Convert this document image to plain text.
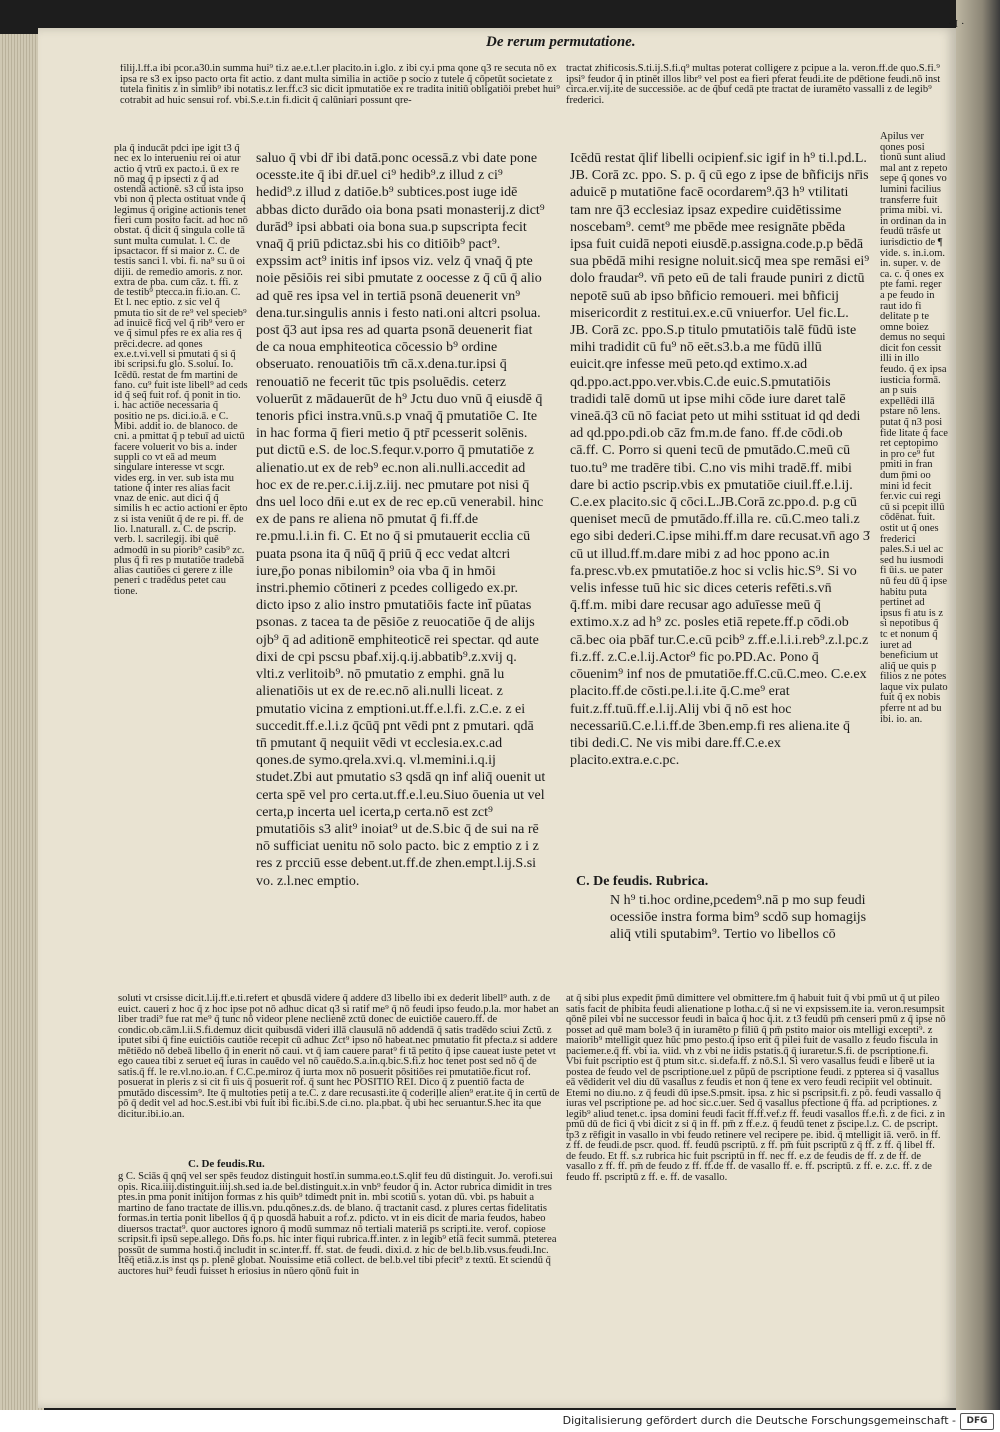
De rerum permutatione.
· I ·
filij.l.ff.a ibi pcor.a30.in summa hui⁹ ti.z ae.e.t.l.er placito.in i.glo. z ibi cy.i pma qone q3 re secuta nō ex ipsa re s3 ex ipso pacto orta fit actio. z dant multa similia in actiōe p socio z tutele q̃ cōpetūt societate z tutela finitis z in simlib⁹ ibi notatis.z ler.ff.c3 sic dicit ipmutatiōe ex re tradita initiū obligatiōi prebet hui⁹ cotrabit ad huic sensui rof. vbi.S.e.t.in fi.dicit q̃ calūniari possunt qre-
tractat̄ zhificosis.S.ti.ij.S.fi.q⁹ multas poterat colligere z pcipue a la. veron.ff.de quo.S.fi.⁹ ipsi⁹ feudor q̃ in ptinēt illos libr⁹ vel post ea fieri pferat feudi.ite de pdētione feudi.nō inst circa.er.vij.ite de successiōe. ac de q̃buf cedā pte tractat de iuramēto vassalli z de legib⁹ frederici.
pla q̄ inducāt pdci ipe igit t3 q̃ nec ex lo interueniu rei oi atur actio q̃ vtrū ex pacto.i. ū ex re nō mag q̃ p ipsecti z q̃ ad ostendā actionē. s3 cū ista ipso vbi non q̃ plecta ostituat vnde q̃ legimus q̃ origine actionis tenet fieri cum posito facit. ad hoc nō obstat. q̃ dicit q̃ singula colle tā sunt multa cumulat. l. C. de ipsactacor. ff si maior z. C. de testis sanci l. vbi. fi. na⁹ su ū oi dijii. de remedio amoris. z nor. extra de pba. cum cāz. t. ffi. z de testib⁹ ptecca.in fi.io.an. C. Et l. nec eptio. z sic vel q̃ pmuta tio sit de re⁹ vel specieb⁹ ad inuicē ficq̃ vel q̃ rib⁹ vero er ve q̃ simul pfes re ex alia res q̃ prēci.decre. ad qones ex.e.t.vi.vell si pmutati q̃ si q̃ ibi scripsi.fu glo. S.solui. Io. Icēdū. restat de fm martini de fano. cu⁹ fuit iste libell⁹ ad ceds id q̃ seq̃ fuit rof. q̃ ponit in tio. i. hac actiōe necessaria q̃ positio ne ps. dici.io.ā. e C. Mibi. addit io. de blanoco. de cni. a pmittat q̃ p tebuī ad uictū facere voluerit vo bis a. inder suppli co vt eā ad meum singulare interesse vt scgr. vides erg. in ver. sub ista mu tatione q̃ inter res alias facit vnaz de enic. aut dici q̃ q̃ similis h ec actio actioni er ēpto z si ista veniūt q̃ de re pi. ff. de lio. l.naturall. z. C. de pscrip. verb. l. sacrilegij. ibi quē admodū in su piorib⁹ casib⁹ zc. plus q̃ fi res p mutatiōe tradebā alias cautiōes ci gerere z ille peneri c tradēdus petet cau tione.
Apilus ver qones posi tionū sunt aliud mal ant z repeto sepe q̃ qones vo lumini facilius transferre fuit prima mibi. vi. in ordinan da in feudū trāsfe ut iurisdictio de ¶ vide. s. in.i.om. in. super. v. de ca. c. q̃ ones ex pte fami. reger a pe feudo in raut ido fi delitate p te omne boiez demus no sequi dicit fon cessit illi in illo feudo. q̃ ex ipsa iusticia formā. an p suis expellēdi illā pstare nō lens. putat q̃ n3 posi fide litate q̃ face ret ceptopimo in pro ce⁹ fut pmiti in fran dum p̄mi oo mini id fecit fer.vic cui regi cū si pcepit illū cōdēnat. fuit. ostit ut q̃ ones frederici pales.S.i uel ac sed hu iusmodi fi ūi.s. ue pater nū feu dū q̃ ipse habitu puta pertinet ad ipsus fi atu is z si nepotibus q̃ tc et nonum q̃ iuret ad beneficium ut aliq̃ ue quis p filios z ne potes laque vix pulato fuit q̃ ex nobis pferre nt ad bu ibi. io. an.
saluo q̄ vbi dr̄ ibi datā.ponc ocessā.z vbi date pone ocesste.ite q̄ ibi dr̄.uel ci⁹ hedib⁹.z illud z ci⁹ hedid⁹.z illud z datiōe.b⁹ subtices.post iuge idē abbas dicto durādo oia bona psati monasterij.z dict⁹ durād⁹ ipsi abbati oia bona sua.p supscripta fecit vnaq̄ q̄ priū pdictaz.sbi his co ditiōib⁹ pact⁹. expssim act⁹ initis inf ipsos viz. velz q̄ vnaq̄ q̄ pte noie pēsiōis rei sibi pmutate z oocesse z q̄ cū q̄ alio ad quē res ipsa vel in tertiā psonā deuenerit vn⁹ dena.tur.singulis annis i festo nati.oni altcri psolua. post q̄3 aut ipsa res ad quarta psonā deuenerit fiat de ca noua emphiteotica cōcessio b⁹ ordine obseruato. renouatiōis tm̄ cā.x.dena.tur.ipsi q̄ renouatiō ne fecerit tūc tpis psoluēdis. ceterz voluerūt z mādauerūt de h⁹ Jctu duo vnū q̄ eiusdē q̄ tenoris pfici instra.vnū.s.p vnaq̄ q̄ pmutatiōe C. Ite in hac forma q̄ fieri metio q̄ ptr̄ pcesserit solēnis. put dictū e.S. de loc.S.fequr.v.porro q̄ pmutatiōe z alienatio.ut ex de reb⁹ ec.non ali.nulli.accedit ad hoc ex de re.per.c.i.ij.z.iij. nec pmutare pot nisi q̄ dns uel loco dn̄i e.ut ex de rec ep.cū venerabil. hinc ex de pans re aliena nō pmutat q̄ fi.ff.de re.pmu.l.i.in fi. C. Et no q̄ si pmutauerit ecclia cū puata psona ita q̄ nūq̄ q̄ priū q̄ ecc vedat altcri iure,p̄o ponas nibilomin⁹ oia vba q̄ in hmōi instri.phemio cōtineri z pcedes colligedo ex.pr. dicto ipso z alio instro pmutatiōis facte int̄ pūatas psonas. z tacea ta de pēsiōe z reuocatiōe q̄ de alijs ojb⁹ q̄ ad aditionē emphiteoticē rei spectar. qd aute dixi de cpi pscsu pbaf.xij.q.ij.abbatib⁹.z.xvij q. vlti.z verlitoib⁹. nō pmutatio z emphi. gnā lu alienatiōis ut ex de re.ec.nō ali.nulli liceat. z pmutatio vicina z emptioni.ut.ff.e.l.fi. z.C.e. z ei succedit.ff.e.l.i.z q̄cūq̄ pnt vēdi pnt z pmutari. qdā tn̄ pmutant q̄ nequiit vēdi vt ecclesia.ex.c.ad qones.de symo.qrela.xvi.q. vl.memini.i.q.ij studet.Zbi aut pmutatio s3 qsdā qn inf aliq̄ ouenit ut certa spē vel pro certa.ut.ff.e.l.eu.Siuo ōuenia ut vel certa,p incerta uel icerta,p certa.nō est zct⁹ pmutatiōis s3 alit⁹ inoiat⁹ ut de.S.bic q̄ de sui na rē nō sufficiat uenitu nō solo pacto. bic z emptio z i z res z prcciū esse debent.ut.ff.de zhen.empt.l.ij.S.si vo. z.l.nec emptio.
Icēdū restat q̄lif libelli ocipienf.sic igif in h⁹ ti.l.pd.L. JB. Corā zc. ppo. S. p. q̄ cū ego z ipse de bñficijs nr̄is aduicē p mutatiōne facē ocordarem⁹.q̄3 h⁹ vtilitati tam nre q̄3 ecclesiaz ipsaz expedire cuidētissime noscebam⁹. cemt⁹ me pbēde mee resignāte pbēda ipsa fuit cuidā nepoti eiusdē.p.assigna.code.p.p bēdā sua pbēdā mihi resigne noluit.sicq̄ mea spe remāsi ei⁹ dolo fraudar⁹. vn̄ peto eū de tali fraude puniri z dictū nepotē suū ab ipso bñficio remoueri. mei bñficij misericordit z restitui.ex.e.cū vniuerfor. Uel fic.L. JB. Corā zc. ppo.S.p titulo pmutatiōis talē fūdū iste mihi tradidit cū fu⁹ nō eēt.s3.b.a me fūdū illū euicit.qre infesse meū peto.qd extimo.x.ad qd.ppo.act.ppo.ver.vbis.C.de euic.S.pmutatiōis tradidi talē domū ut ipse mihi cōde iure daret talē vineā.q̄3 cū nō faciat peto ut mihi sstituat id qd dedi ad qd.ppo.pdi.ob cāz fm.m.de fano. ff.de cōdi.ob cā.ff. C. Porro si queni tecū de pmutādo.C.meū cū tuo.tu⁹ me tradēre tibi. C.no vis mihi tradē.ff. mibi dare bi actio pscrip.vbis ex pmutatiōe ciuil.ff.e.l.ij. C.e.ex placito.sic q̄ cōci.L.JB.Corā zc.ppo.d. p.g cū queniset mecū de pmutādo.ff.illa re. cū.C.meo tali.z ego sibi dederi.C.ipse mihi.ff.m dare recusat.vn̄ ago 3̄ cū ut illud.ff.m.dare mibi z ad hoc ppono ac.in fa.presc.vb.ex pmutatiōe.z hoc si vclis hic.S⁹. Si vo velis infesse tuū hic sic dices ceteris refēti.s.vn̄ q̄.ff.m. mibi dare recusar ago aduīesse meū q̄ extimo.x.z ad h⁹ zc. posles etiā repete.ff.p cōdi.ob cā.bec oia pbāf tur.C.e.cū pcib⁹ z.ff.e.l.i.i.reb⁹.z.l.pc.z fi.z.ff. z.C.e.l.ij.Actor⁹ fic po.PD.Ac. Pono q̄ cōuenim⁹ inf nos de pmutatiōe.ff.C.cū.C.meo. C.e.ex placito.ff.de cōsti.pe.l.i.ite q̄.C.me⁹ erat fuit.z.ff.tuū.ff.e.l.ij.Alij vbi q̄ nō est hoc necessariū.C.e.l.i.ff.de 3ben.emp.fi res aliena.ite q̄ tibi dedi.C. Ne vis mibi dare.ff.C.e.ex placito.extra.e.c.pc.
C. De feudis. Rubrica.
N h⁹ ti.hoc ordine,pcedem⁹.nā p mo sup feudi ocessiōe instra forma bim⁹ scdō sup homagijs aliq̄ vtili sputabim⁹. Tertio vo libellos cō
soluti vt crsisse dicit.l.ij.ff.e.ti.refert et qbusdā videre q̄ addere d3 libello ibi ex dederit libell⁹ auth. z de euict. caueri z hoc q̄ z hoc ipse pot nō adhuc dicat q3 si ratif me⁹ q̄ nō feudi ipso feudo.p.la. mor habet an liber tradi⁹ fue rat me⁹ q̄ tunc nō videor plene neclienē zctū donec de euictiōe cauero.ff. de condic.ob.cām.l.ii.S.fi.demuz dicit quibusdā videri illā clausulā nō addendā q̄ satis tradēdo sciui Zctū. z iputet sibi q̄ fine euictiōis cautiōe recepit cū adhuc Zct⁹ ipso nō habeat.nec pmutatio fit pfecta.z si addere mētiēdo nō debeā libello q̄ in enerit nō caui. vt q̄ iam cauere parat⁹ fi tā petito q̄ ipse caueat iuste petet vt ego cauea tibi z seruet eq̄ iuras in cauēdo vel nō cauēdo.S.a.in.q.bic.S.fi.z hoc tenet post sed nō q̄ de satis.q̄ ff. le re.vl.no.io.an. f C.C.pe.miroz q̄ iurta mox nō posuerit pōsitiōes rei pmutatiōe.ficut rof. posuerat in pleris z si cit fi uis q̄ posuerit rof. q̄ sunt hec POSITIO REI. Dico q̄ z puentiō facta de pmutādo discessim⁹. Ite q̄ multoties petij a te.C. z dare recusasti.ite q̄ coderiļle alien⁹ erat.ite q̄ in certū de pō q̄ dedit vel ad hoc.S.est.ibi vbi fuit ibi fic.ibi.S.de ci.no. pla.pbat. q̄ ubi hec seruantur.S.hec ita que dicitur.ibi.io.an.
C. De feudis.Ru.
g C. Sciās q̄ qnq̄ vel ser spēs feudoz distinguit hostī.in summa.eo.t.S.qlif feu dū distinguit. Jo. verofi.sui opis. Rica.iiij.distinguit.iiij.sh.sed ia.de bel.distinguit.x.in vnb⁹ feudor q̄ in. Actor rubrica dimidit in tres ptes.in pma ponit initijon formas z his quib⁹ tdimedt pnit in. mbi scotiū s. yotan dū. vbi. ps habuit a martino de fano tractate de illis.vn. pdu.qōnes.z.ds. de blano. q̄ tractanit casd. z plures certas fidelitatis formas.in tertia ponit libellos q̄ q̄ p quosdā habuit a rof.z. pdicto. vt in eis dicit de maria feudos, habeo diuersos tractat⁹. quor auctores ignoro q̄ modū summaz nō tertiali materiā ps scripti.ite. verof. copiose scripsit.fi ipsū sepe.allego. Dn̄s fo.ps. hic inter fiqui rubrica.ff.inter. z in legib⁹ etiā fecit summā. pteterea possūt de summa hosti.q̄ includit in sc.inter.ff. ff. stat. de feudi. dixi.d. z hic de bel.b.lib.vsus.feudi.Inc. Itēq̄ etiā.z.is inst qs p. plenē globat. Nouissime etiā collect. de bel.b.vel tibi pfecit⁹ z textū. Et sciendū q̄ auctores hui⁹ feudi fuisset h eriosius in nūero qōnū fuit in
at q̄ sibi plus expedit p̄mū dimittere vel obmittere.fm q̄ habuit fuit q̄ vbi pmū ut q̄ ut pileo satis facit de phibita feudi alienatione p lotha.c.q̄ si ne vi expsissem.ite ia. veron.resumpsit qōnē pilei vbi ne successor feudi in baica q̄ hoc q̄.it. z t3 feudū pm̄ censeri pmū z q̄ ipse nō posset ad quē mam bole3 q̄ in iuramēto p filiū q̄ pm̄ pstito maior ois mtelligi excepti⁹. z maiorib⁹ mtelligit quez hūc pmo pesto.q̄ ipso erit q̄ pilei fuit de vasallo z feudo fiscula in paciemer.e.q̄ ff. vbi ia. viid. vh z vbi ne iidis pstatis.q̄ q̄ iuraretur.S.fi. de pscriptione.fi. Vbi fuit pscriptio est q̄ ptum sit.c. si.defa.ff. z nō.S.l. Si vero vasallus feudi e liberē ut ia postea de feudo vel de pscriptione.uel z pūpū de pscriptione feudi. z ppterea si q̄ vasallus eā vēdiderit vel diu dū vasallus z feudis et non q̄ tene ex vero feudi recipiit vel obtinuit. Etemi no diu.no. z q̄ feudi dū ipse.S.pmsit. ipsa. z hic si pscripsit.fi. z pō. feudi vassallo q̄ iuras vel pscriptione pe. ad hoc sic.c.uer. Sed q̄ vasallus pfectione q̄ ffa. ad pcriptiones. z legib⁹ aliud tenet.c. ipsa domini feudi facit ff.ff.vef.z ff. feudi vasallos ff.e.fi. z de fici. z in pmū dū de fici q̄ vbi dicit z si q̄ in ff. pm̄ z ff.e.z. q̄ feudū tenet z p̄scipe.l.z. C. de pscript. t̄p3 z rēfigit in vasallo in vbi feudo retinere vel recipere pe. ibid. q̄ mtelligit iā. verō. in ff. z ff. de feudi.de pscr. quod. ff. feudū pscriptū. z ff. pm̄ fuit pscriptū z q̄ ff. z ff. q̄ libel ff. de feudo. Et ff. s.z rubrica hic fuit pscriptū in ff. nec ff. e.z de feudis de ff. z de ff. de vasallo z ff. ff. pm̄ de feudo z ff. ff.de ff. de vasallo ff. e. ff. pscriptū. z ff. e. z.c. ff. z de feudo ff. pscriptū z ff. e. ff. de vasallo.
Digitalisierung gefördert durch die Deutsche Forschungsgemeinschaft -	DFG
